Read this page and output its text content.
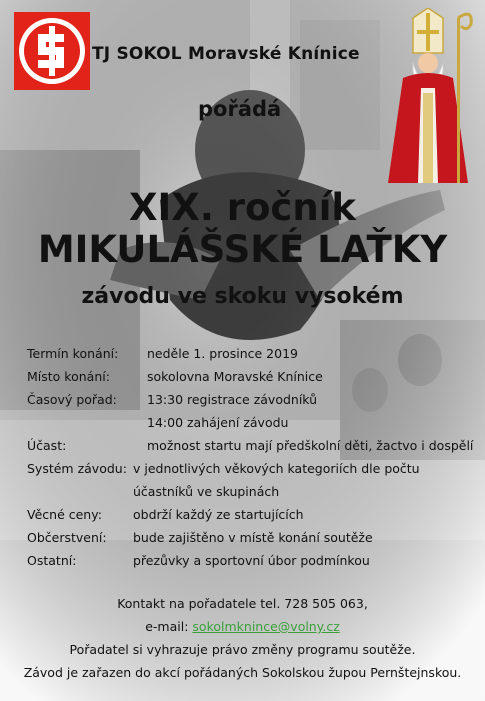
TJ SOKOL Moravské Knínice
pořádá
XIX. ročník
MIKULÁŠSKÉ LAŤKY
závodu ve skoku vysokém
Termín konání: neděle 1. prosince 2019
Místo konání:	sokolovna Moravské Knínice
Časový pořad: 13:30 registrace závodníků
14:00 zahájení závodu
Účast:	možnost startu mají předškolní děti, žactvo i dospělí
Systém závodu: v jednotlivých věkových kategoriích dle počtu
účastníků ve skupinách
Věcné ceny: obdrží každý ze startujících
Občerstvení: bude zajištěno v místě konání soutěže
Ostatní:	přezůvky a sportovní úbor podmínkou
Kontakt na pořadatele tel. 728 505 063,
e-mail: sokolmknince@volny.cz
Pořadatel si vyhrazuje právo změny programu soutěže.
Závod je zařazen do akcí pořádaných Sokolskou župou Pernštejnskou.
